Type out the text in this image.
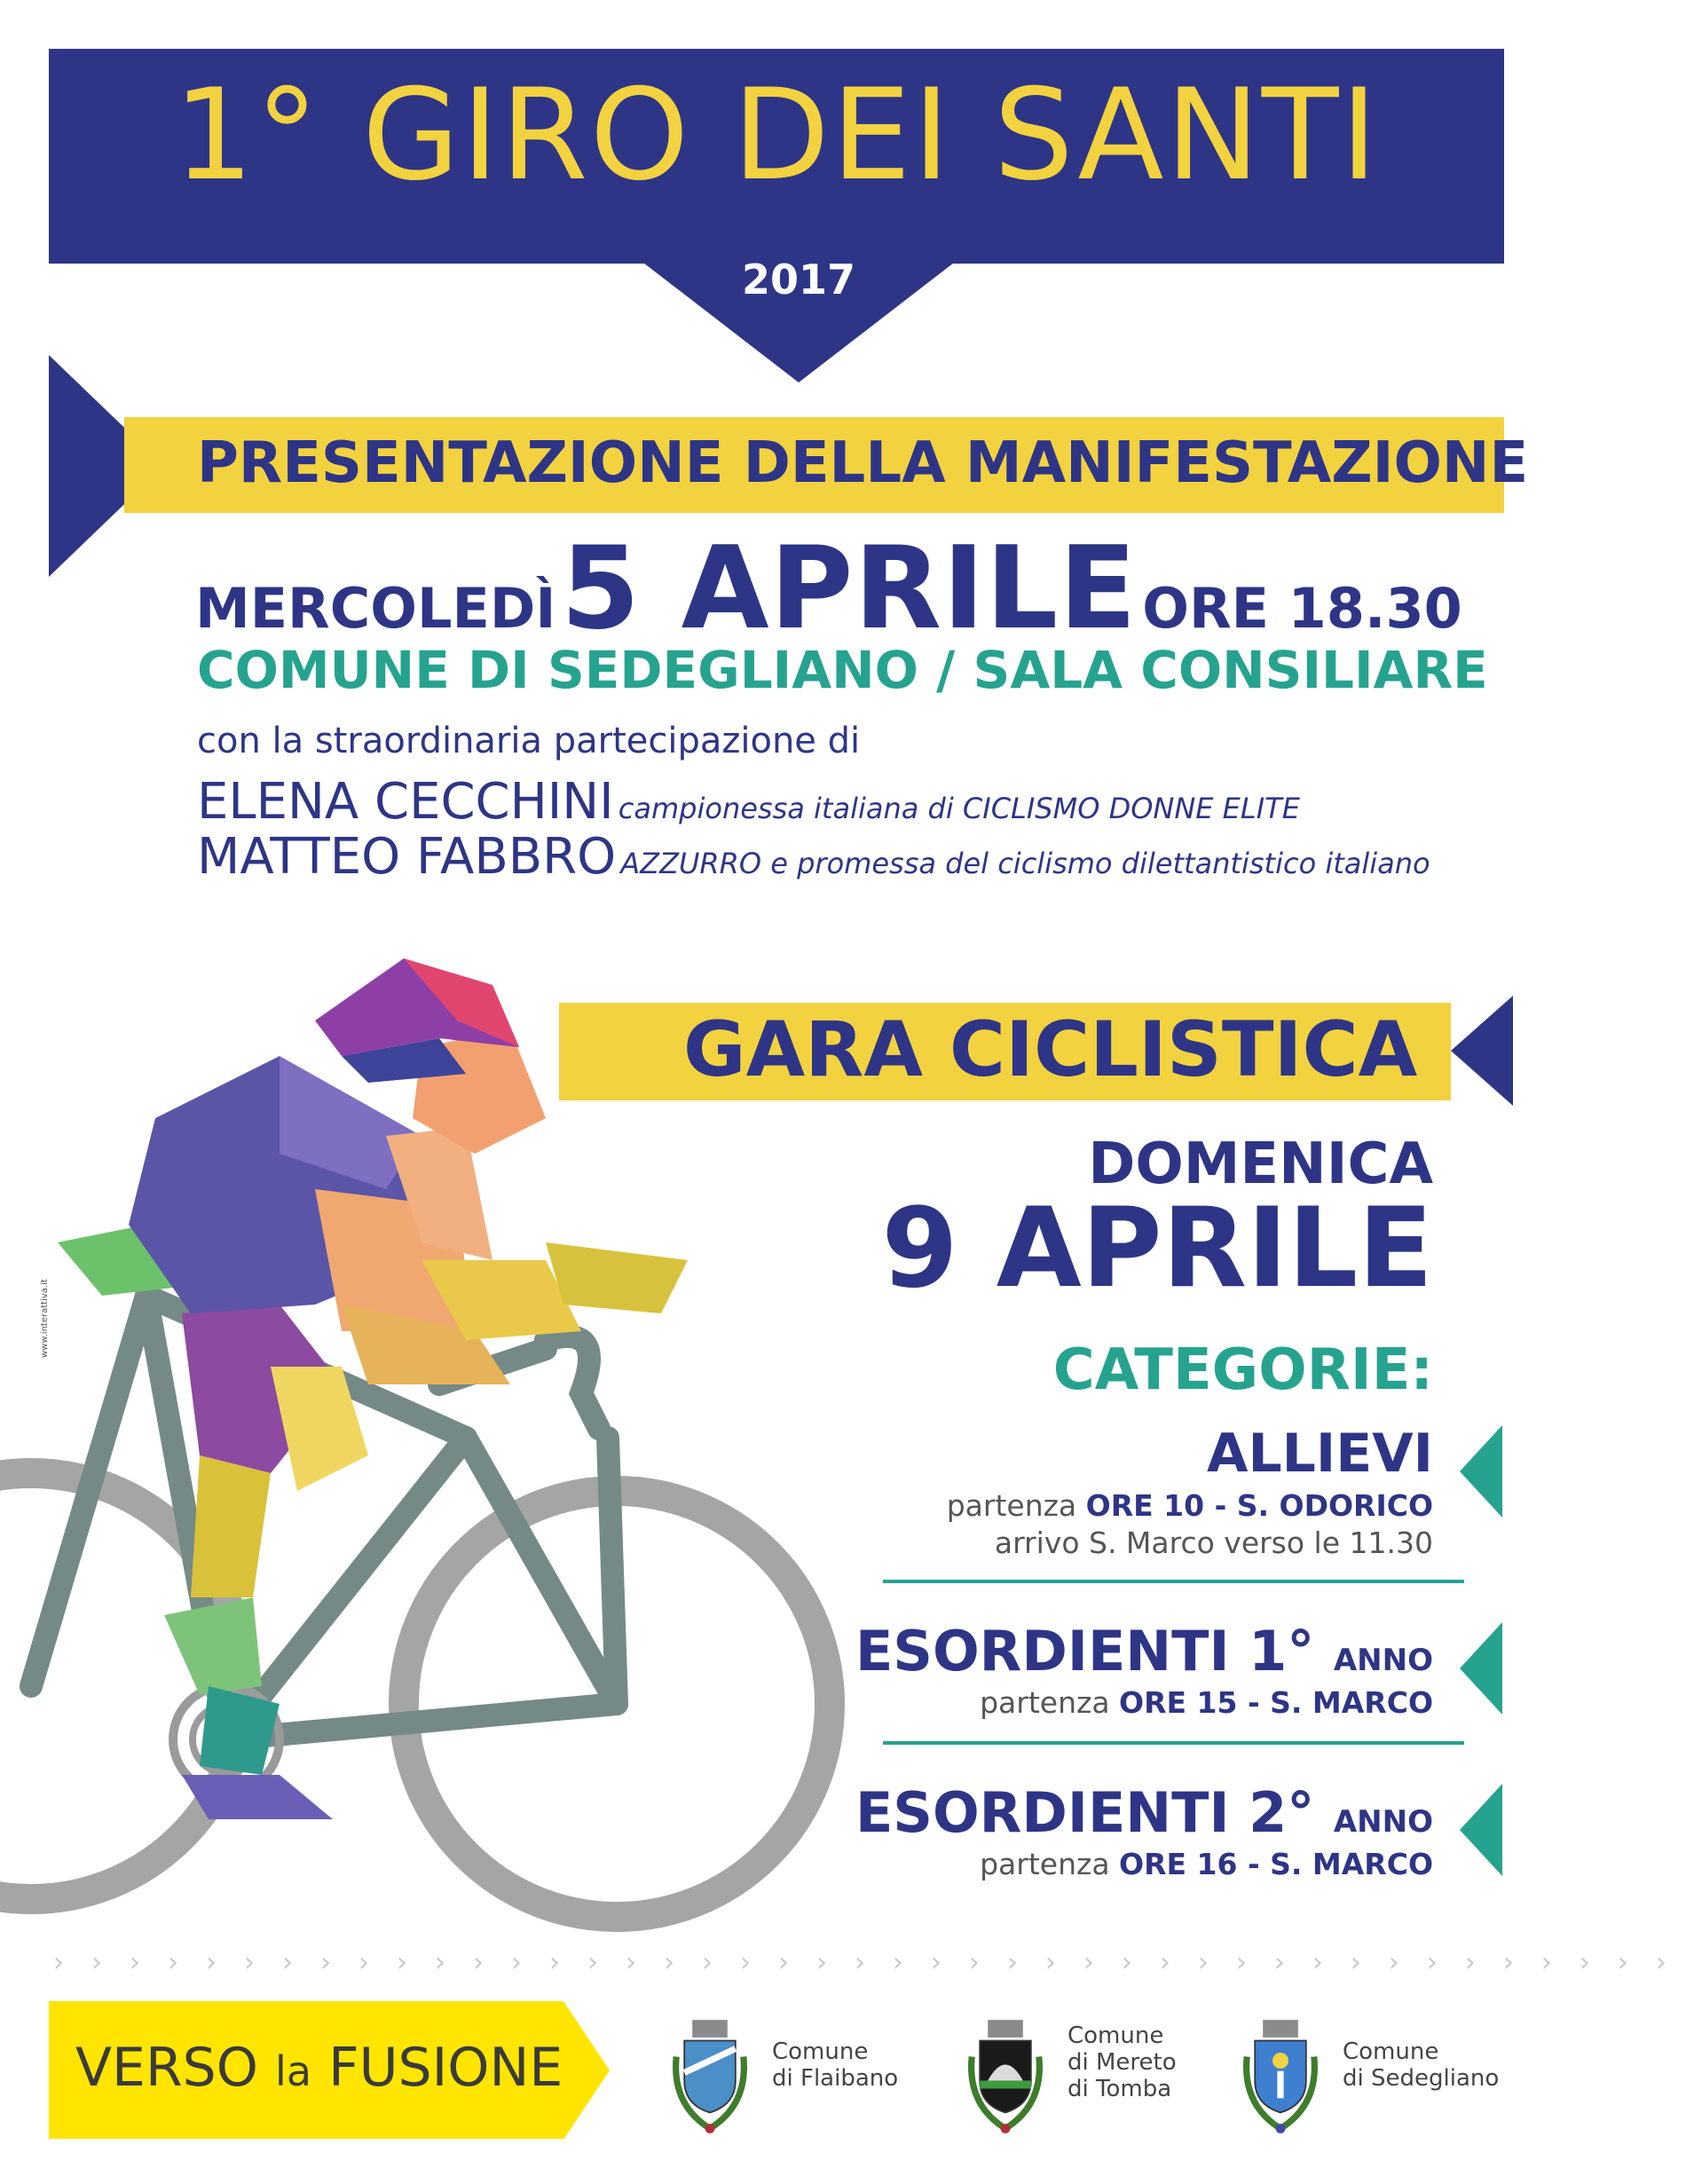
1° GIRO DEI SANTI
2017
PRESENTAZIONE DELLA MANIFESTAZIONE
MERCOLEDÌ 5 APRILE ORE 18.30
COMUNE DI SEDEGLIANO / SALA CONSILIARE
con la straordinaria partecipazione di
ELENA CECCHINI campionessa italiana di CICLISMO DONNE ELITE
MATTEO FABBRO AZZURRO e promessa del ciclismo dilettantistico italiano
www.interattiva.it
GARA CICLISTICA
DOMENICA
9 APRILE
CATEGORIE:
ALLIEVI
partenza ORE 10 - S. ODORICO
arrivo S. Marco verso le 11.30
ESORDIENTI 1° ANNO
partenza ORE 15 - S. MARCO
ESORDIENTI 2° ANNO
partenza ORE 16 - S. MARCO
›››››››››››››››››››››››››››››››››››››››››››
VERSO la FUSIONE	Comune
di Flaibano
Comune
di Mereto
di Tomba
Comune
di Sedegliano
